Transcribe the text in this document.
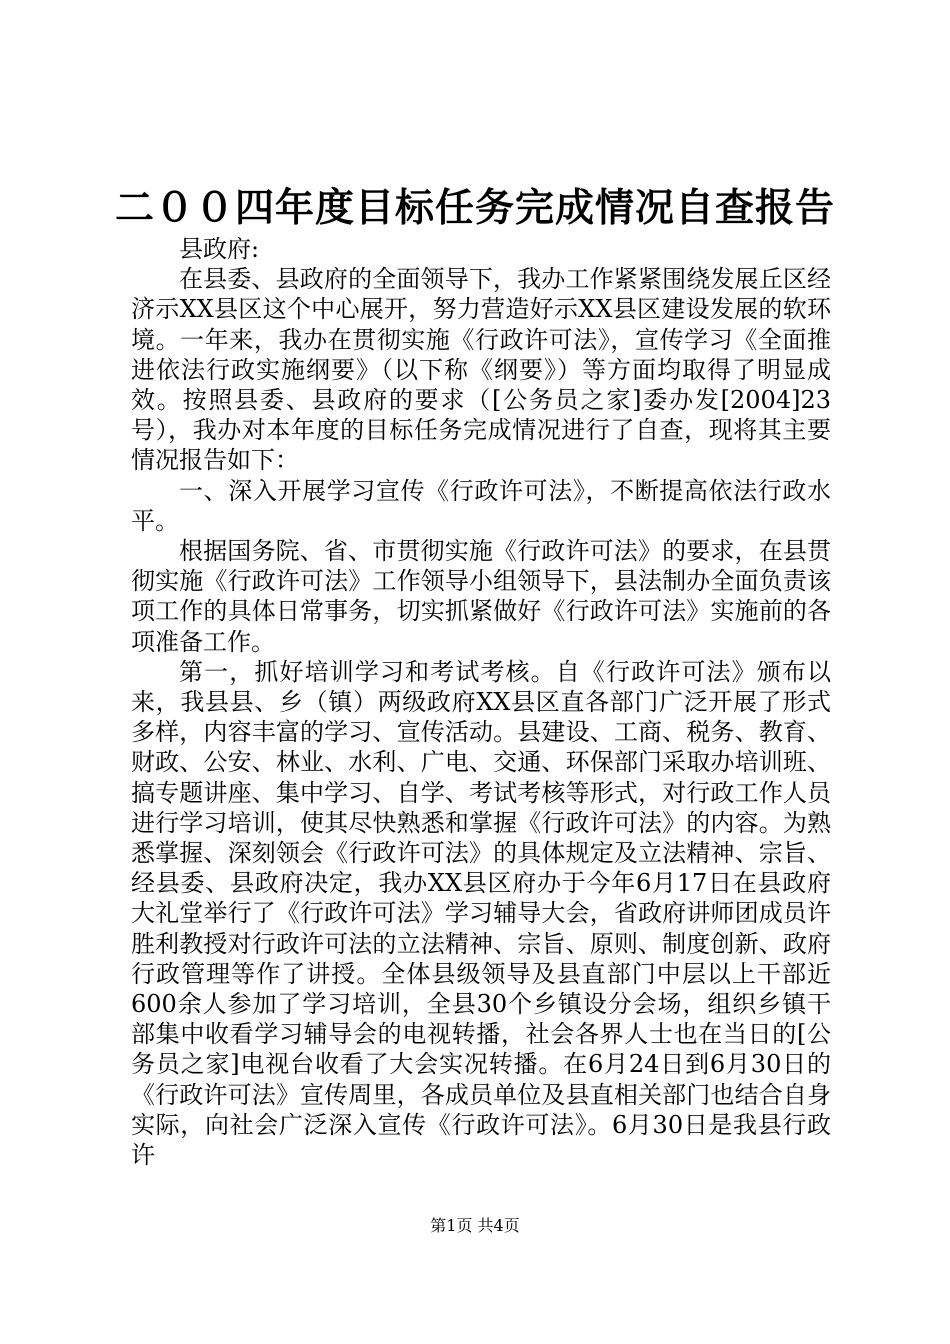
二００四年度目标任务完成情况自查报告

县政府:

在县委、县政府的全面领导下，我办工作紧紧围绕发展丘区经济示XX县区这个中心展开，努力营造好示XX县区建设发展的软环境。一年来，我办在贯彻实施《行政许可法》，宣传学习《全面推进依法行政实施纲要》（以下称《纲要》）等方面均取得了明显成效。按照县委、县政府的要求（[公务员之家]委办发[2004]23号），我办对本年度的目标任务完成情况进行了自查，现将其主要情况报告如下：

一、深入开展学习宣传《行政许可法》，不断提高依法行政水平。

根据国务院、省、市贯彻实施《行政许可法》的要求，在县贯彻实施《行政许可法》工作领导小组领导下，县法制办全面负责该项工作的具体日常事务，切实抓紧做好《行政许可法》实施前的各项准备工作。

第一，抓好培训学习和考试考核。自《行政许可法》颁布以来，我县县、乡（镇）两级政府XX县区直各部门广泛开展了形式多样，内容丰富的学习、宣传活动。县建设、工商、税务、教育、财政、公安、林业、水利、广电、交通、环保部门采取办培训班、搞专题讲座、集中学习、自学、考试考核等形式，对行政工作人员进行学习培训，使其尽快熟悉和掌握《行政许可法》的内容。为熟悉掌握、深刻领会《行政许可法》的具体规定及立法精神、宗旨、经县委、县政府决定，我办XX县区府办于今年6月17日在县政府大礼堂举行了《行政许可法》学习辅导大会，省政府讲师团成员许胜利教授对行政许可法的立法精神、宗旨、原则、制度创新、政府行政管理等作了讲授。全体县级领导及县直部门中层以上干部近600余人参加了学习培训，全县30个乡镇设分会场，组织乡镇干部集中收看学习辅导会的电视转播，社会各界人士也在当日的[公务员之家]电视台收看了大会实况转播。在6月24日到6月30日的《行政许可法》宣传周里，各成员单位及县直相关部门也结合自身实际，向社会广泛深入宣传《行政许可法》。6月30日是我县行政许

第1页 共4页
